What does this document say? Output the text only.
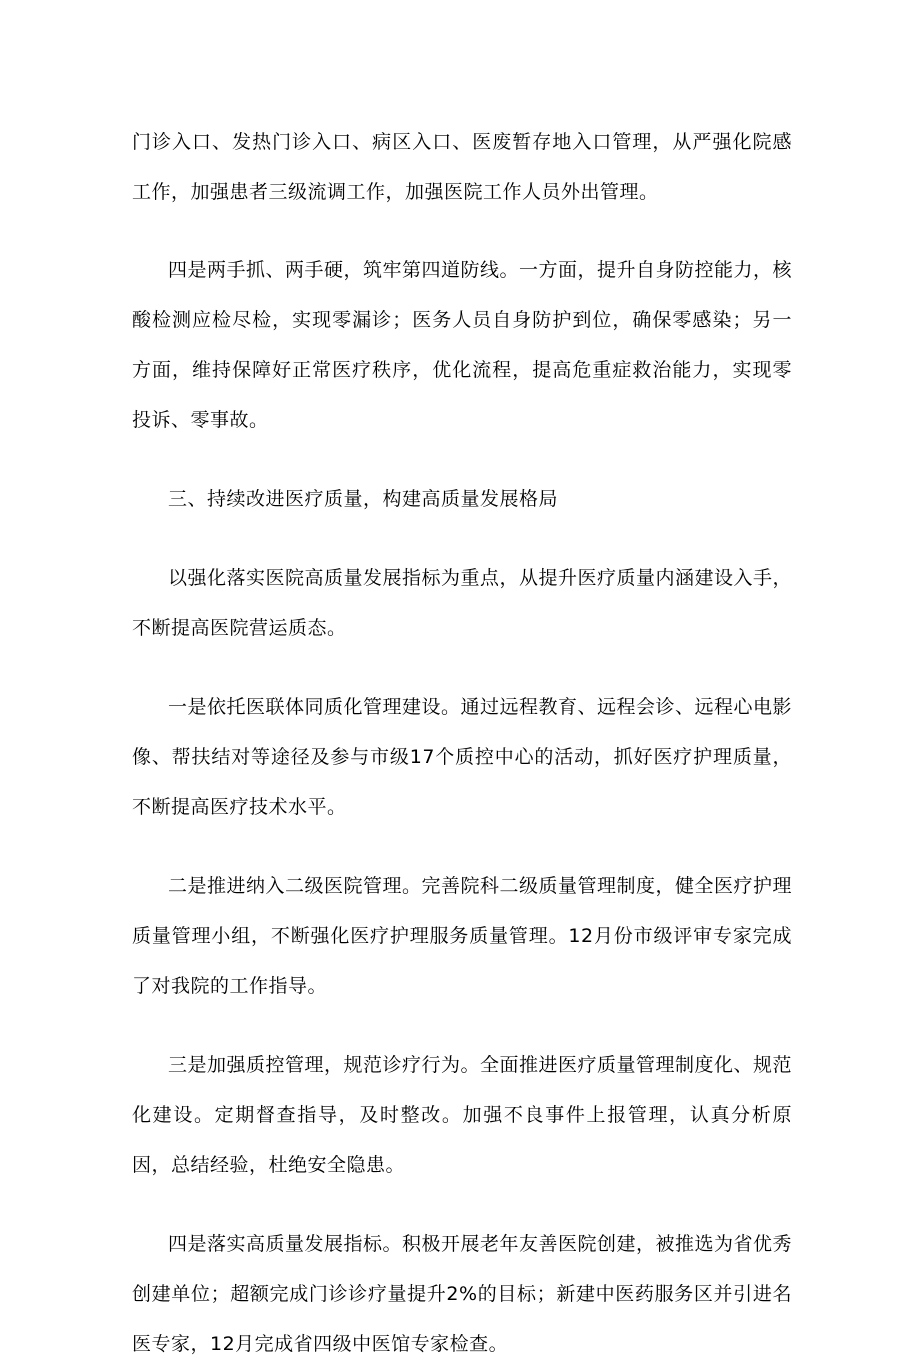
门诊入口、发热门诊入口、病区入口、医废暂存地入口管理，从严强化院感工作，加强患者三级流调工作，加强医院工作人员外出管理。

四是两手抓、两手硬，筑牢第四道防线。一方面，提升自身防控能力，核酸检测应检尽检，实现零漏诊；医务人员自身防护到位，确保零感染；另一方面，维持保障好正常医疗秩序，优化流程，提高危重症救治能力，实现零投诉、零事故。

三、持续改进医疗质量，构建高质量发展格局

以强化落实医院高质量发展指标为重点，从提升医疗质量内涵建设入手，不断提高医院营运质态。

一是依托医联体同质化管理建设。通过远程教育、远程会诊、远程心电影像、帮扶结对等途径及参与市级17个质控中心的活动，抓好医疗护理质量，不断提高医疗技术水平。

二是推进纳入二级医院管理。完善院科二级质量管理制度，健全医疗护理质量管理小组，不断强化医疗护理服务质量管理。12月份市级评审专家完成了对我院的工作指导。

三是加强质控管理，规范诊疗行为。全面推进医疗质量管理制度化、规范化建设。定期督查指导，及时整改。加强不良事件上报管理，认真分析原因，总结经验，杜绝安全隐患。

四是落实高质量发展指标。积极开展老年友善医院创建，被推选为省优秀创建单位；超额完成门诊诊疗量提升2%的目标；新建中医药服务区并引进名医专家，12月完成省四级中医馆专家检查。
